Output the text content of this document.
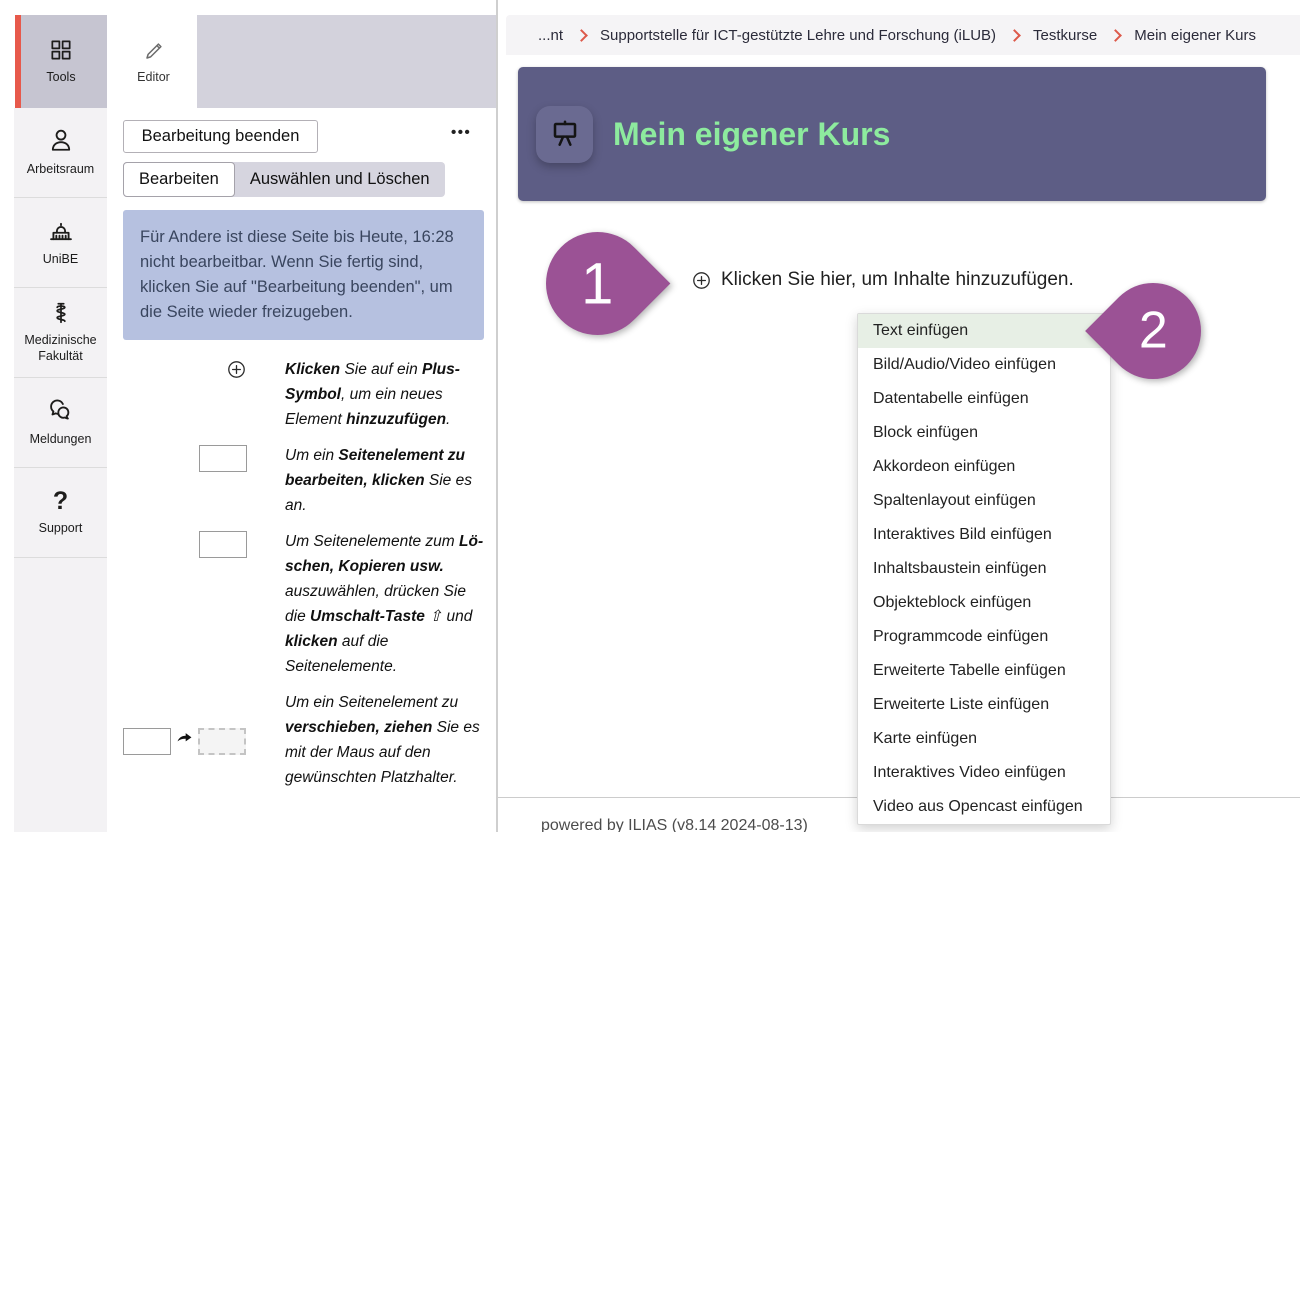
Tools
Arbeitsraum
UniBE
Medizinische Fakultät
Meldungen
?
Support
Editor
Bearbeitung beenden	•••
Bearbeiten	Auswählen und Löschen
Für Andere ist diese Seite bis Heute, 16:28 nicht bearbeitbar. Wenn Sie fertig sind, klicken Sie auf "Bearbeitung beenden", um die Seite wieder freizugeben.
Klicken Sie auf ein Plus-Symbol, um ein neues Element hinzuzufügen.
Um ein Seitenelement zu bearbeiten, klicken Sie es an.
Um Seitenelemente zum Löschen, Kopieren usw. auszuwählen, drücken Sie die Umschalt-Taste ⇧ und klicken auf die Seitenelemente.
Um ein Seitenelement zu verschieben, ziehen Sie es mit der Maus auf den gewünschten Platzhalter.
...nt Supportstelle für ICT-gestützte Lehre und Forschung (iLUB) Testkurse Mein eigener Kurs
Mein eigener Kurs
Klicken Sie hier, um Inhalte hinzuzufügen.
Text einfügen
Bild/Audio/Video einfügen
Datentabelle einfügen
Block einfügen
Akkordeon einfügen
Spaltenlayout einfügen
Interaktives Bild einfügen
Inhaltsbaustein einfügen
Objekteblock einfügen
Programmcode einfügen
Erweiterte Tabelle einfügen
Erweiterte Liste einfügen
Karte einfügen
Interaktives Video einfügen
Video aus Opencast einfügen
powered by ILIAS (v8.14 2024-08-13)
1
2
